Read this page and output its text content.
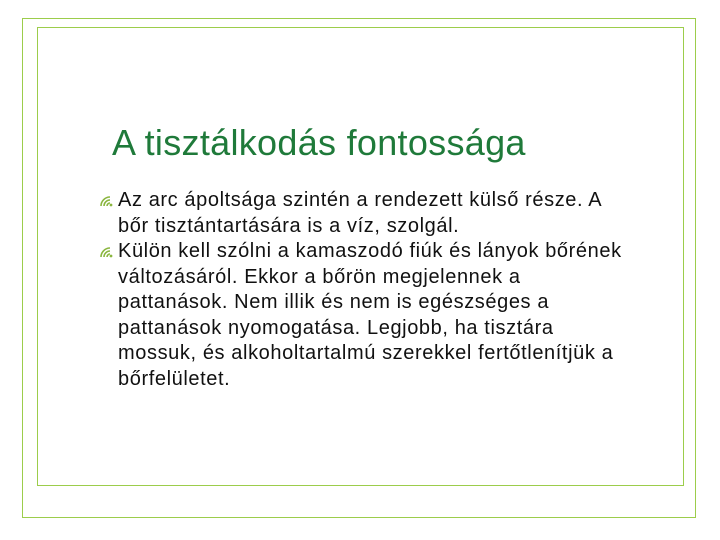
A tisztálkodás fontossága
Az arc ápoltsága szintén a rendezett külső része. A bőr tisztántartására is a víz, szolgál.
Külön kell szólni a kamaszodó fiúk és lányok bőrének változásáról. Ekkor a bőrön megjelennek a pattanások. Nem illik és nem is egészséges a pattanások nyomogatása. Legjobb, ha tisztára mossuk, és alkoholtartalmú szerekkel fertőtlenítjük a bőrfelületet.
